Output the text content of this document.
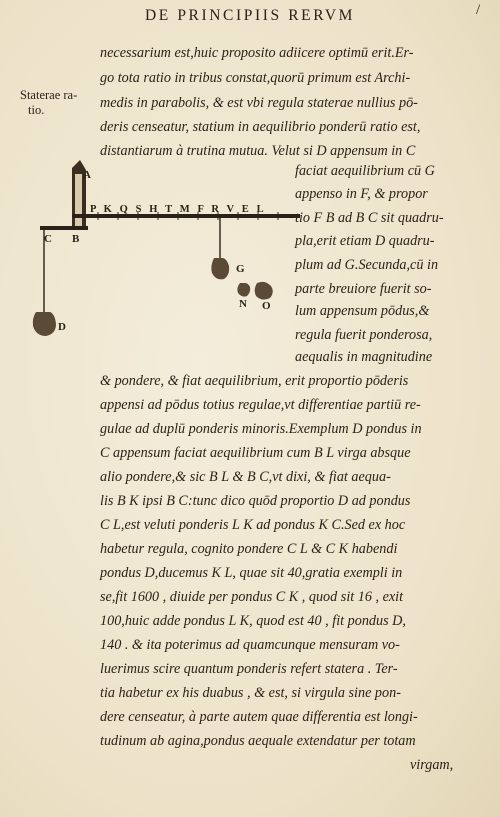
DE PRINCIPIIS RERVM	/
Staterae ra-
tio.
A
P K Q S H T M F R V E L
C B
D
G
N O
necessarium est,huic proposito adiicere optimū erit.Er-
go tota ratio in tribus constat,quorū primum est Archi-
medis in parabolis, & est vbi regula staterae nullius pō-
deris censeatur, statium in aequilibrio ponderū ratio est,
distantiarum à trutina mutua. Velut si D appensum in C
faciat aequilibrium cū G
appenso in F, & propor
tio F B ad B C sit quadru-
pla,erit etiam D quadru-
plum ad G.Secunda,cū in
parte breuiore fuerit so-
lum appensum pōdus,&
regula fuerit ponderosa,
aequalis in magnitudine
& pondere, & fiat aequilibrium, erit proportio pōderis
appensi ad pōdus totius regulae,vt differentiae partiū re-
gulae ad duplū ponderis minoris.Exemplum D pondus in
C appensum faciat aequilibrium cum B L virga absque
alio pondere,& sic B L & B C,vt dixi, & fiat aequa-
lis B K ipsi B C:tunc dico quōd proportio D ad pondus
C L,est veluti ponderis L K ad pondus K C.Sed ex hoc
habetur regula, cognito pondere C L & C K habendi
pondus D,ducemus K L, quae sit 40,gratia exempli in
se,fit 1600 , diuide per pondus C K , quod sit 16 , exit
100,huic adde pondus L K, quod est 40 , fit pondus D,
140 . & ita poterimus ad quamcunque mensuram vo-
luerimus scire quantum ponderis refert statera . Ter-
tia habetur ex his duabus , & est, si virgula sine pon-
dere censeatur, à parte autem quae differentia est longi-
tudinum ab agina,pondus aequale extendatur per totam
virgam,
